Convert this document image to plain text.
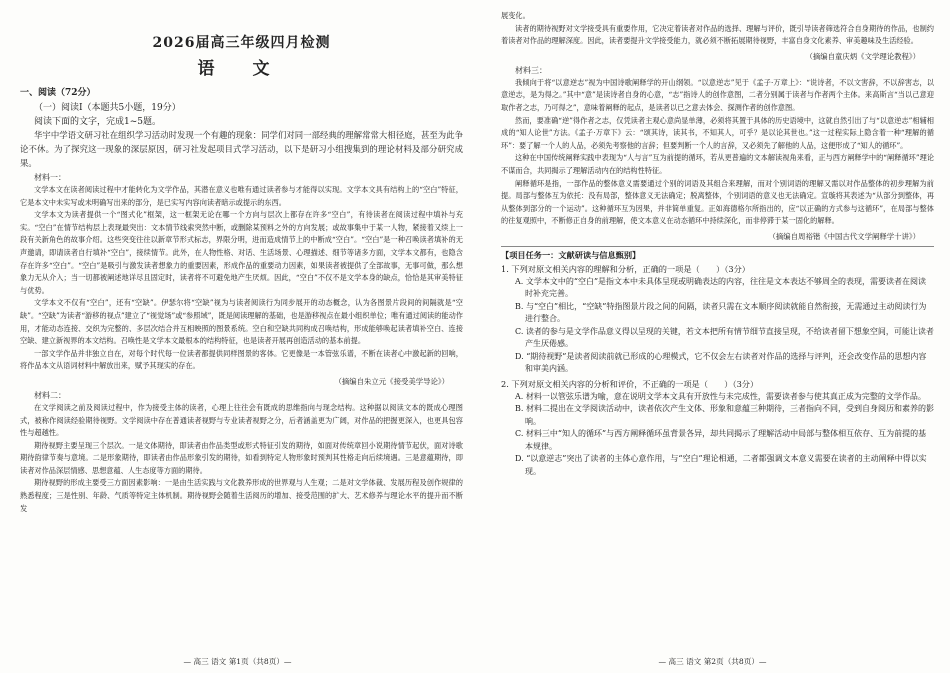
2026届高三年级四月检测
语 文
一、阅读（72分）
（一）阅读I（本题共5小题，19分）
阅读下面的文字，完成1~5题。

华宇中学语文研习社在组织学习活动时发现一个有趣的现象：同学们对同一部经典的理解常常大相径庭，甚至为此争论不休。为了探究这一现象的深层原因，研习社发起项目式学习活动，以下是研习小组搜集到的理论材料及部分研究成果。

材料一：

文学本文在读者阅读过程中才能转化为文学作品，其潜在意义也唯有通过读者参与才能得以实现。文学本文具有结构上的“空白”特征，它是本文中未实写或未明确写出来的部分，是已实写内容向读者暗示或提示的东西。

文学本文为读者提供一个“图式化”框架，这一框架无论在哪一个方向与层次上都存在许多“空白”，有待读者在阅读过程中填补与充实。“空白”在情节结构层上表现最突出：文本情节线索突然中断，或删除某预料之外的方向发展；或故事集中于某一人物，紧接着又续上一段有关新角色的故事介绍。这些突变往往以新章节形式标志，界限分明，进而造成情节上的中断成“空白”。“空白”是一种召唤读者填补的无声邀请，即请读者自行填补“空白”，接续情节。此外，在人物性格、对话、生活场景、心理描述、细节等诸多方面，文学本文都有，也隐含存在许多“空白”。“空白”是吸引与激发读者想象力的重要因素，形成作品的重要动力因素，如果读者被提供了全部故事，无事可做，那么想象力无从介入；当一切都被阐述地详尽且固定时，读者将不可避免地产生厌烦。因此，“空白”不仅不是文学本身的缺点，恰恰是其审美特征与优势。

文学本文不仅有“空白”，还有“空缺”。伊瑟尔将“空缺”视为与读者阅读行为同步展开的动态概念，认为各图景片段间的间隔就是“空缺”。“空缺”为读者“游移的视点”建立了“视觉场”或“参照域”，既是阅读理解的基础，也是游移视点在最小组织单位；唯有通过阅读的能动作用，才能动态连接、交织为完整的、多层次结合并互相映照的图景系统。空白和空缺共同构成召唤结构，形成能够唤起读者填补空白、连接空缺、建立新视界的本文结构。召唤性是文学本文最根本的结构特征，也是读者开展再创造活动的基本前提。

一部文学作品并非独立自在，对每个时代每一位读者都提供同样图景的客体。它更像是一本管弦乐谱，不断在读者心中激起新的回响，将作品本文从语词材料中解放出来，赋予其现实的存在。

（摘编自朱立元《接受美学导论》）
材料二：

在文学阅读之前及阅读过程中，作为接受主体的读者，心理上往往会有既成的思维指向与现念结构。这种据以阅读文本的既成心理图式，被称作阅读经验期待视野。文学阅读中存在普通读者视野与专业读者视野之分，后者涵盖更为广阔，对作品的把握更深入，也更具包容性与超越性。

期待视野主要呈现三个层次。一是文体期待，即读者由作品类型或形式特征引发的期待，如面对传统章回小说期待情节起伏，面对诗歌期待韵律节奏与意境。二是形象期待，即读者由作品形象引发的期待，如看到特定人物形象时预判其性格走向后续境遇。三是意蕴期待，即读者对作品深层情感、思想意蕴、人生态度等方面的期待。

期待视野的形成主要受三方面因素影响：一是由生活实践与文化教养形成的世界观与人生观；二是对文学体裁、发展历程及创作规律的熟悉程度；三是性别、年龄、气质等特定主体机制。期待视野会随着生活阅历的增加、接受范围的扩大、艺术修养与理论水平的提升而不断发

— 高三 语文 第1页（共8页）—

展变化。

读者的期待视野对文学接受具有重要作用，它决定着读者对作品的选择、理解与评价，既引导读者筛选符合自身期待的作品，也制约着读者对作品的理解深度。因此，读者要提升文学接受能力，就必须不断拓展期待视野，丰富自身文化素养、审美趣味及生活经验。

（摘编自童庆炳《文学理论教程》）
材料三：

我倾向于将“以意逆志”视为中国诗歌阐释学的开山纲领。“以意逆志”见于《孟子·万章上》：“说诗者，不以文害辞，不以辞害志，以意逆志，是为得之。”其中“意”是读诗者自身的心意，“志”指诗人的创作意图，二者分别属于读者与作者两个主体。来高斯言“当以己意迎取作者之志，乃可得之”，意味着阐释的起点，是读者以已之意去体会、探测作者的创作意图。

然而，要准确“逆”得作者之志，仅凭读者主观心意尚显单薄，必须将其置于具体的历史语境中，这就自然引出了与“以意逆志”相辅相成的“知人论世”方法。《孟子·万章下》云：“颂其诗，读其书，不知其人，可乎？是以论其世也。”这一过程实际上隐含着一种“理解的循环”：要了解一个人的人品，必须先考察他的言辞；但要判断一个人的言辞，又必须先了解他的人品，这便形成了“知人的循环”。

这种在中国传统阐释实践中表现为“人与言”互为前提的循环，若从更普遍的文本解读视角来看，正与西方阐释学中的“阐释循环”理论不谋而合，共同揭示了理解活动内在的结构性特征。

阐释循环是指，一部作品的整体意义需要通过个别的词语及其组合来理解，而对个别词语的理解又需以对作品整体的初步理解为前提。局部与整体互为依托：没有局部，整体意义无法确定；脱离整体，个别词语的意义也无法确定。宣璇将其表述为“从部分到整体，再从整体到部分的一个运动”。这种循环互为因果，并非简单重复。正如海德格尔所指出的，应“以正确的方式参与这循环”，在局部与整体的往复观照中，不断修正自身的前理解，使文本意义在动态循环中持续深化，而非停滞于某一固化的解释。

（摘编自周裕锴《中国古代文学阐释学十讲》）
【项目任务一：文献研读与信息甄别】
1. 下列对原文相关内容的理解和分析，正确的一项是（　　）（3分）

A. 文学本文中的“空白”是指文本中未具体呈现或明确表达的内容，往往是文本表达不够周全的表现，需要读者在阅读时补充完善。

B. 与“空白”相比，“空缺”特指图景片段之间的间隔，读者只需在文本顺序阅读就能自然衔接，无需通过主动阅读行为进行整合。

C. 读者的参与是文学作品意义得以呈现的关键，若文本把所有情节细节直接呈现，不给读者留下想象空间，可能让读者产生厌倦感。

D. “期待视野”是读者阅读前就已形成的心理模式，它不仅会左右读者对作品的选择与评判，还会改变作品的思想内容和审美内涵。

2. 下列对原文相关内容的分析和评价，不正确的一项是（　　）（3分）

A. 材料一以管弦乐谱为喻，意在说明文学本文具有开放性与未完成性，需要读者参与使其真正成为完整的文学作品。

B. 材料二提出在文学阅读活动中，读者依次产生文体、形象和意蕴三种期待，三者指向不同，受到自身阅历和素养的影响。

C. 材料三中“知人的循环”与西方阐释循环虽背景各异，却共同揭示了理解活动中局部与整体相互依存、互为前提的基本规律。

D. “以意逆志”突出了读者的主体心意作用，与“空白”理论相通，二者都强调文本意义需要在读者的主动阐释中得以实现。

— 高三 语文 第2页（共8页）—
